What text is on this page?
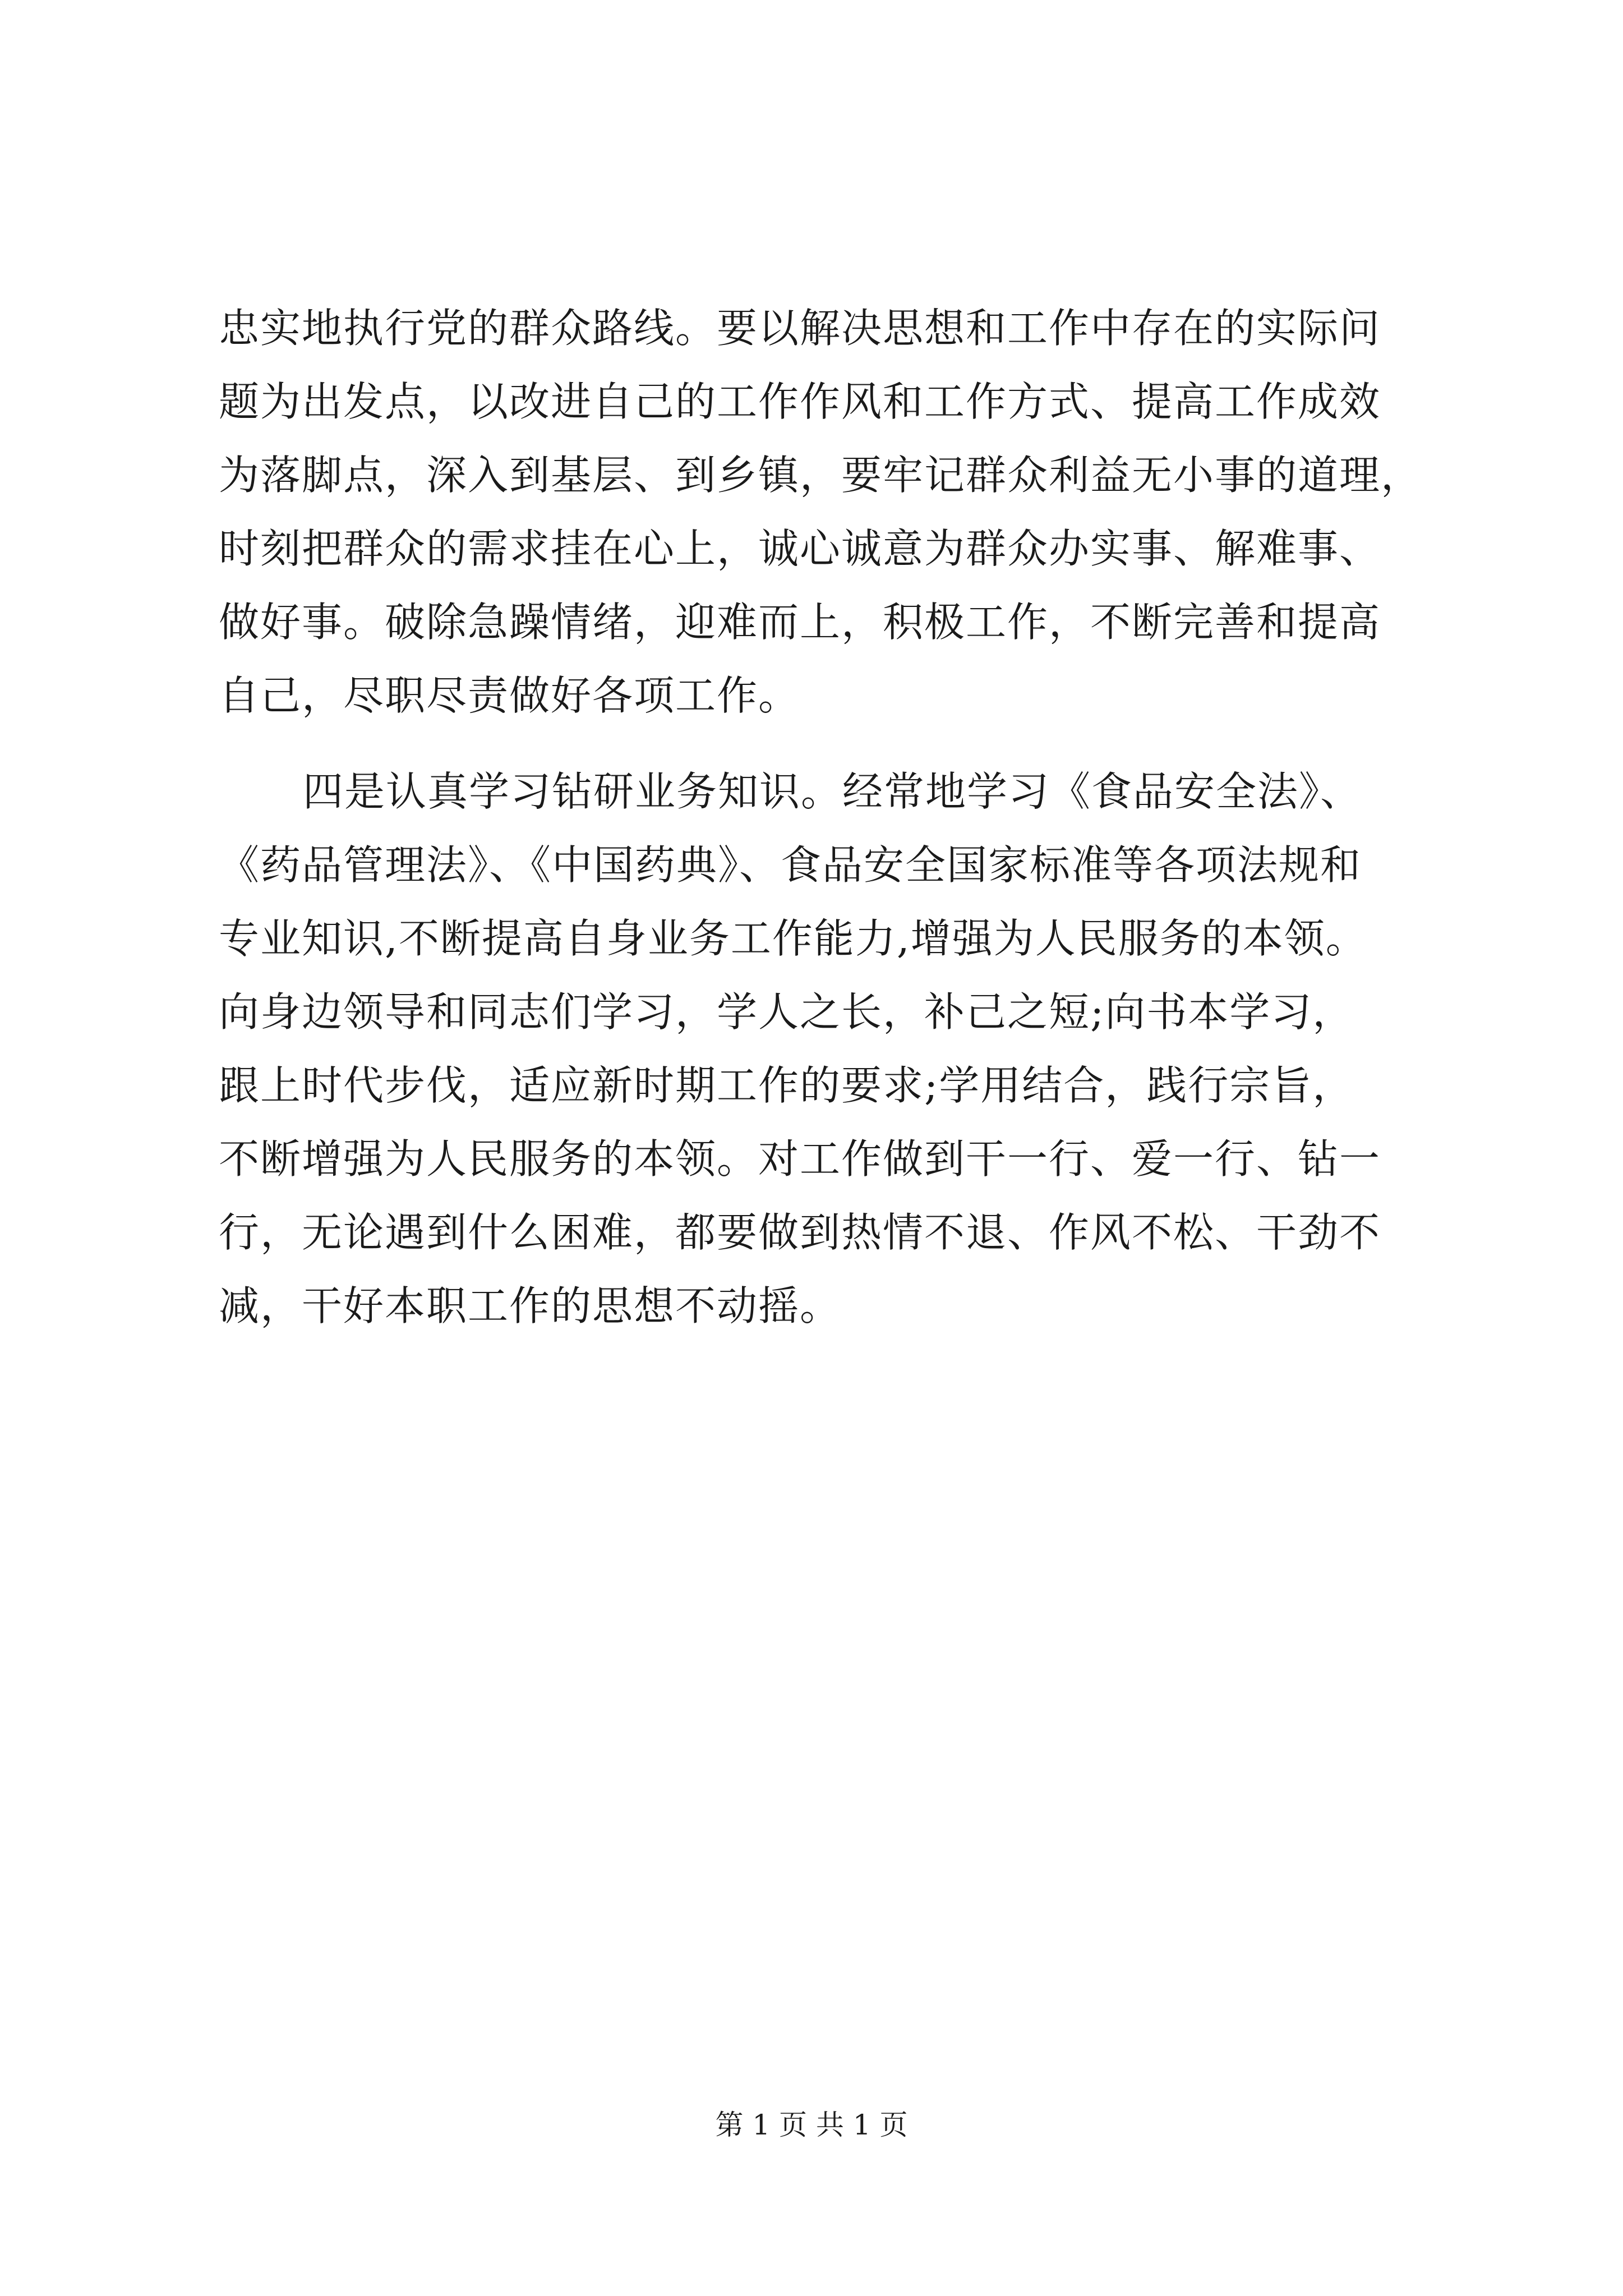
忠实地执行党的群众路线。要以解决思想和工作中存在的实际问
题为出发点，以改进自己的工作作风和工作方式、提高工作成效
为落脚点，深入到基层、到乡镇，要牢记群众利益无小事的道理，
时刻把群众的需求挂在心上，诚心诚意为群众办实事、解难事、
做好事。破除急躁情绪，迎难而上，积极工作，不断完善和提高
自己，尽职尽责做好各项工作。
四是认真学习钻研业务知识。经常地学习《食品安全法》、
《药品管理法》、《中国药典》、食品安全国家标准等各项法规和
专业知识,不断提高自身业务工作能力,增强为人民服务的本领。
向身边领导和同志们学习，学人之长，补己之短;向书本学习，
跟上时代步伐，适应新时期工作的要求;学用结合，践行宗旨，
不断增强为人民服务的本领。对工作做到干一行、爱一行、钻一
行，无论遇到什么困难，都要做到热情不退、作风不松、干劲不
减，干好本职工作的思想不动摇。
第 1 页 共 1 页
